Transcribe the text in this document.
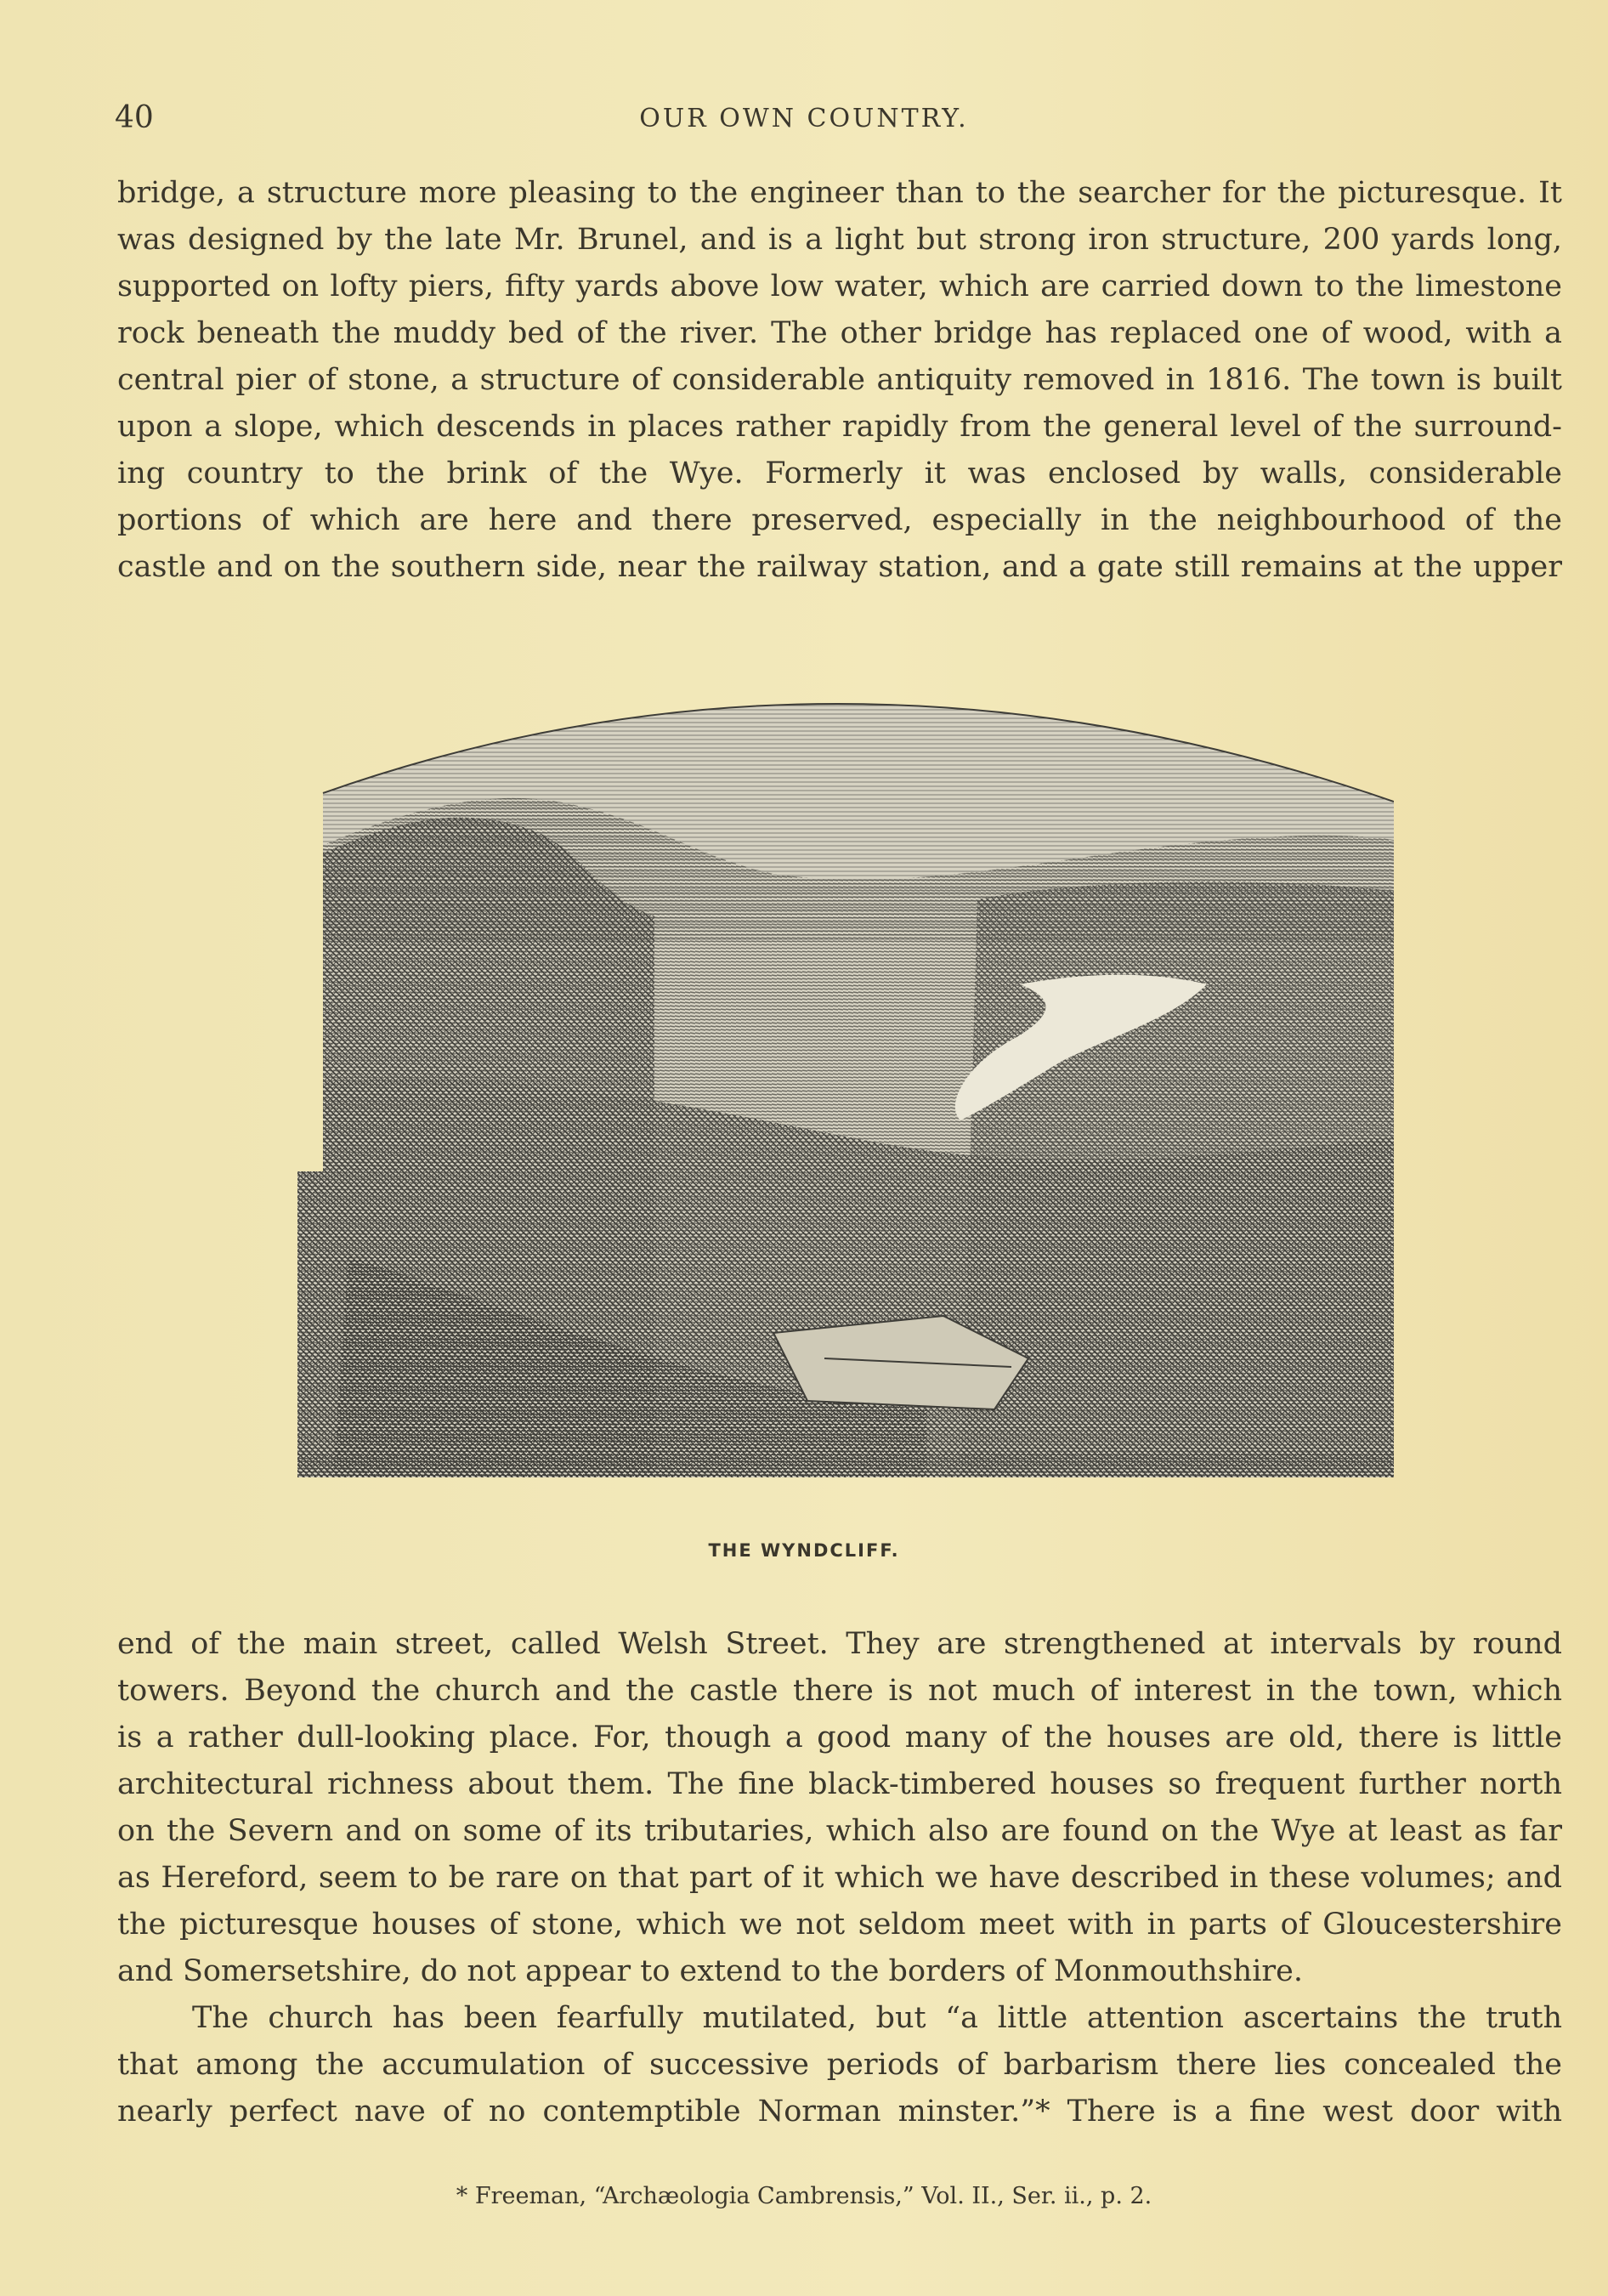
40	OUR OWN COUNTRY.
bridge, a structure more pleasing to the engineer than to the searcher for the picturesque. It
was designed by the late Mr. Brunel, and is a light but strong iron structure, 200 yards long,
supported on lofty piers, fifty yards above low water, which are carried down to the limestone
rock beneath the muddy bed of the river. The other bridge has replaced one of wood, with a
central pier of stone, a structure of considerable antiquity removed in 1816. The town is built
upon a slope, which descends in places rather rapidly from the general level of the surround-
ing country to the brink of the Wye. Formerly it was enclosed by walls, considerable
portions of which are here and there preserved, especially in the neighbourhood of the
castle and on the southern side, near the railway station, and a gate still remains at the upper
THE WYNDCLIFF.
end of the main street, called Welsh Street. They are strengthened at intervals by round
towers. Beyond the church and the castle there is not much of interest in the town, which
is a rather dull-looking place. For, though a good many of the houses are old, there is little
architectural richness about them. The fine black-timbered houses so frequent further north
on the Severn and on some of its tributaries, which also are found on the Wye at least as far
as Hereford, seem to be rare on that part of it which we have described in these volumes; and
the picturesque houses of stone, which we not seldom meet with in parts of Gloucestershire
and Somersetshire, do not appear to extend to the borders of Monmouthshire.
The church has been fearfully mutilated, but “a little attention ascertains the truth
that among the accumulation of successive periods of barbarism there lies concealed the
nearly perfect nave of no contemptible Norman minster.”* There is a fine west door with
* Freeman, “Archæologia Cambrensis,” Vol. II., Ser. ii., p. 2.
